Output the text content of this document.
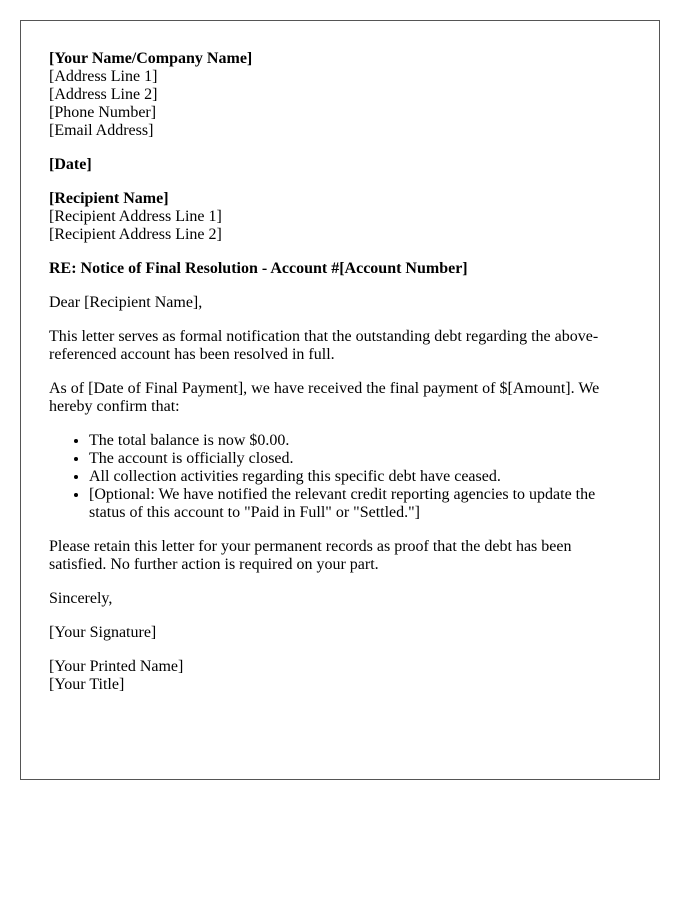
[Your Name/Company Name]
[Address Line 1]
[Address Line 2]
[Phone Number]
[Email Address]
[Date]
[Recipient Name]
[Recipient Address Line 1]
[Recipient Address Line 2]
RE: Notice of Final Resolution - Account #[Account Number]

Dear [Recipient Name],

This letter serves as formal notification that the outstanding debt regarding the above-referenced account has been resolved in full.

As of [Date of Final Payment], we have received the final payment of $[Amount]. We hereby confirm that:

• The total balance is now $0.00.
• The account is officially closed.
• All collection activities regarding this specific debt have ceased.
• [Optional: We have notified the relevant credit reporting agencies to update the status of this account to "Paid in Full" or "Settled."]

Please retain this letter for your permanent records as proof that the debt has been satisfied. No further action is required on your part.

Sincerely,

[Your Signature]

[Your Printed Name]
[Your Title]
